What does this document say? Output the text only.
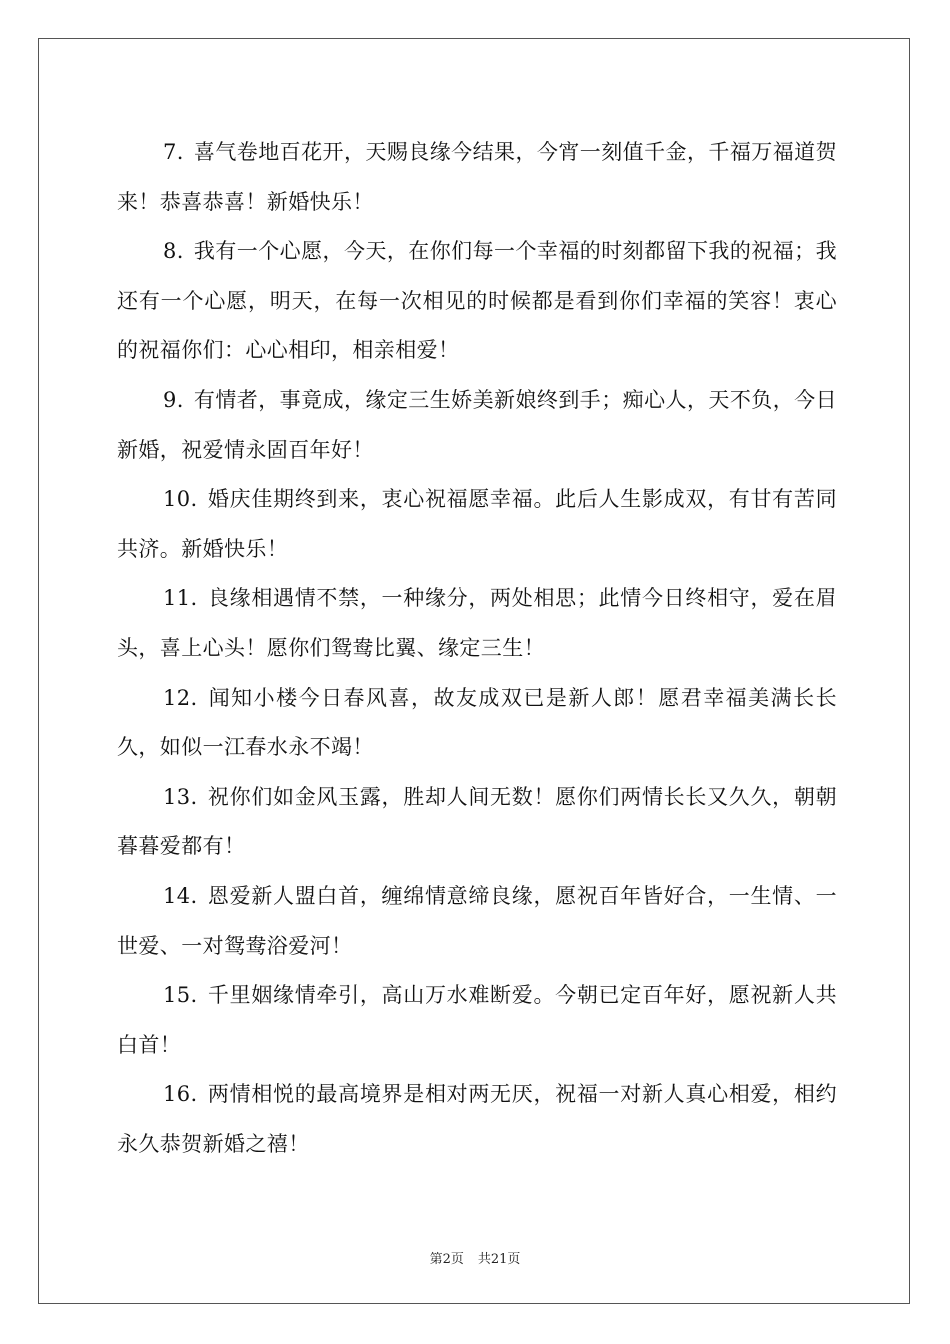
7. 喜气卷地百花开，天赐良缘今结果，今宵一刻值千金，千福万福道贺来！恭喜恭喜！新婚快乐！

8. 我有一个心愿，今天，在你们每一个幸福的时刻都留下我的祝福；我还有一个心愿，明天，在每一次相见的时候都是看到你们幸福的笑容！衷心的祝福你们：心心相印，相亲相爱！

9. 有情者，事竟成，缘定三生娇美新娘终到手；痴心人，天不负，今日新婚，祝爱情永固百年好！

10. 婚庆佳期终到来，衷心祝福愿幸福。此后人生影成双，有甘有苦同共济。新婚快乐！

11. 良缘相遇情不禁，一种缘分，两处相思；此情今日终相守，爱在眉头，喜上心头！愿你们鸳鸯比翼、缘定三生！

12. 闻知小楼今日春风喜，故友成双已是新人郎！愿君幸福美满长长久，如似一江春水永不竭！

13. 祝你们如金风玉露，胜却人间无数！愿你们两情长长又久久，朝朝暮暮爱都有！

14. 恩爱新人盟白首，缠绵情意缔良缘，愿祝百年皆好合，一生情、一世爱、一对鸳鸯浴爱河！

15. 千里姻缘情牵引，高山万水难断爱。今朝已定百年好，愿祝新人共白首！

16. 两情相悦的最高境界是相对两无厌，祝福一对新人真心相爱，相约永久恭贺新婚之禧！

第2页 共21页
